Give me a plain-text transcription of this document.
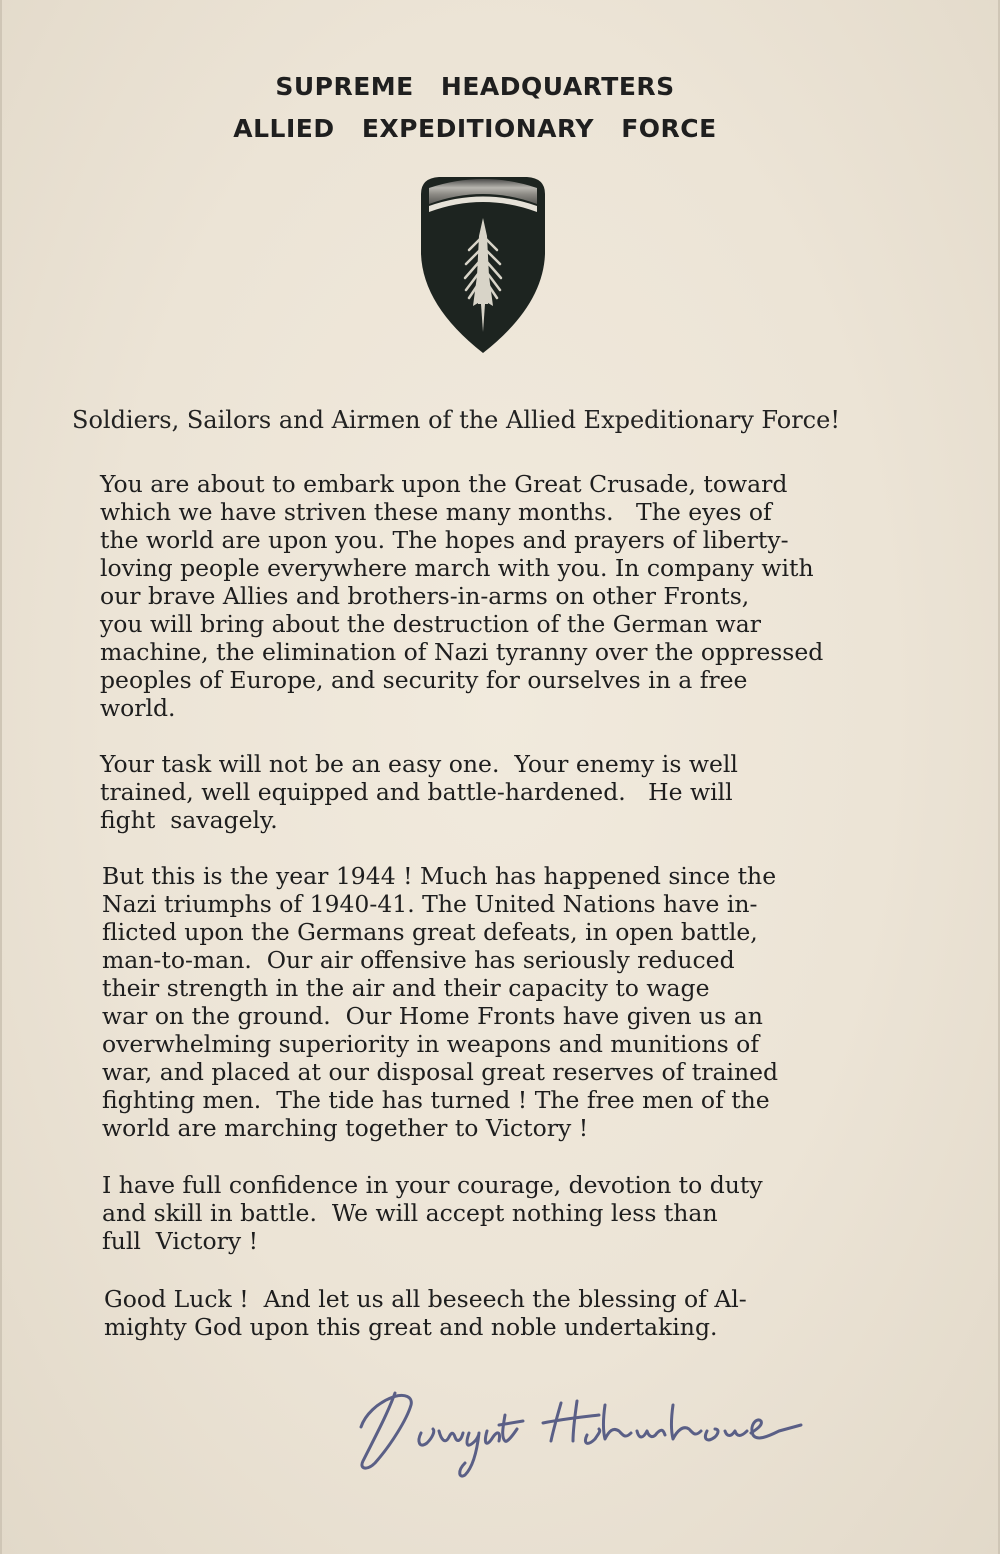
SUPREME HEADQUARTERS
ALLIED EXPEDITIONARY FORCE
Soldiers, Sailors and Airmen of the Allied Expeditionary Force!
You are about to embark upon the Great Crusade, toward
which we have striven these many months.   The eyes of
the world are upon you. The hopes and prayers of liberty-
loving people everywhere march with you. In company with
our brave Allies and brothers-in-arms on other Fronts,
you will bring about the destruction of the German war
machine, the elimination of Nazi tyranny over the oppressed
peoples of Europe, and security for ourselves in a free
world.
Your task will not be an easy one.  Your enemy is well
trained, well equipped and battle-hardened.   He will
fight  savagely.
But this is the year 1944 ! Much has happened since the
Nazi triumphs of 1940-41. The United Nations have in-
flicted upon the Germans great defeats, in open battle,
man-to-man.  Our air offensive has seriously reduced
their strength in the air and their capacity to wage
war on the ground.  Our Home Fronts have given us an
overwhelming superiority in weapons and munitions of
war, and placed at our disposal great reserves of trained
fighting men.  The tide has turned ! The free men of the
world are marching together to Victory !
I have full confidence in your courage, devotion to duty
and skill in battle.  We will accept nothing less than
full  Victory !
Good Luck !  And let us all beseech the blessing of Al-
mighty God upon this great and noble undertaking.
